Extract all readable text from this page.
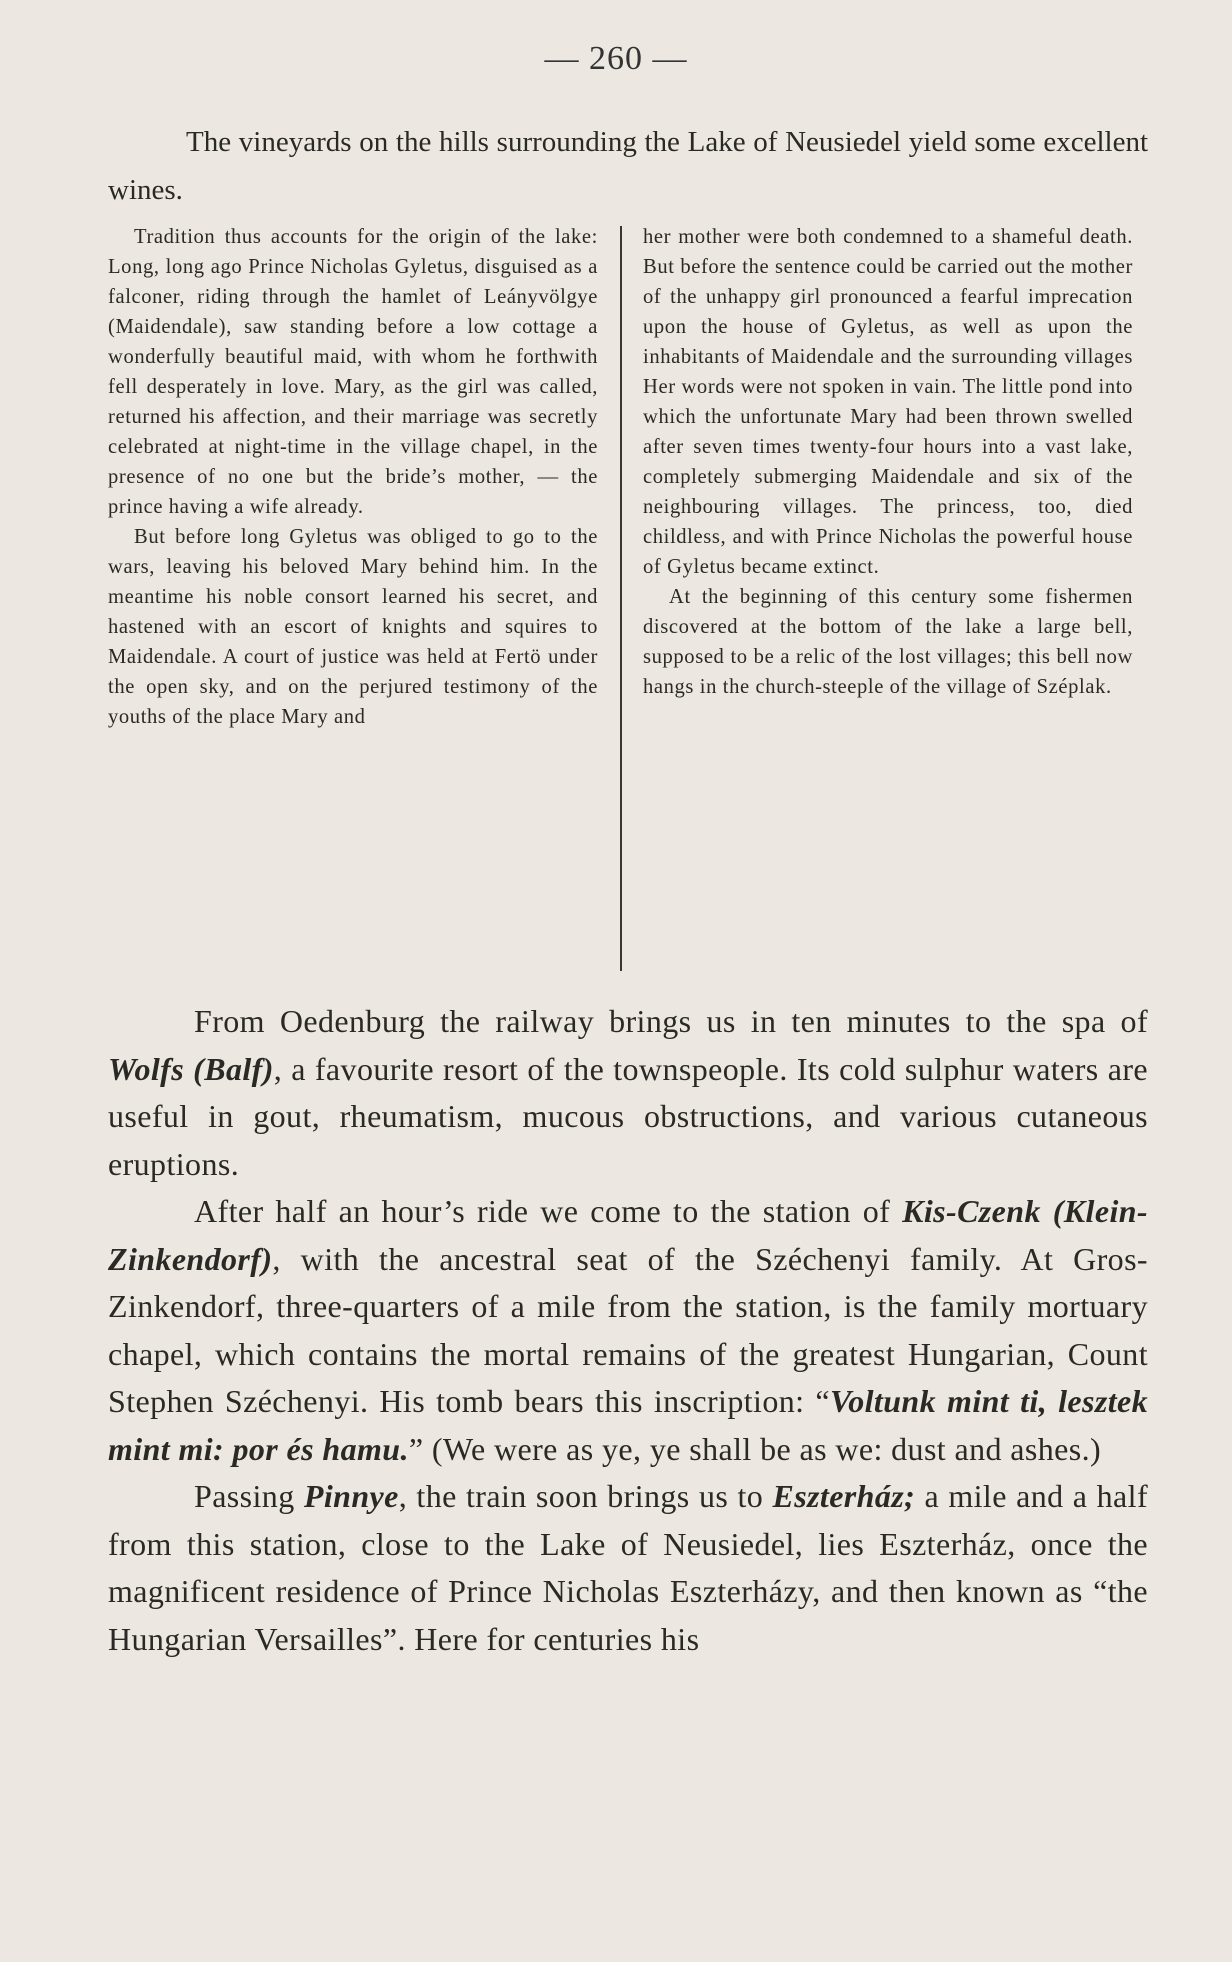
— 260 —

The vineyards on the hills surrounding the Lake of Neusiedel yield some excellent wines.

Tradition thus accounts for the origin of the lake: Long, long ago Prince Nicholas Gyletus, disguised as a falconer, riding through the hamlet of Leányvölgye (Maidendale), saw standing before a low cottage a wonderfully beautiful maid, with whom he forthwith fell desperately in love. Mary, as the girl was called, returned his affection, and their marriage was secretly celebrated at night-time in the village chapel, in the presence of no one but the bride’s mother, — the prince having a wife already.

But before long Gyletus was obliged to go to the wars, leaving his beloved Mary behind him. In the meantime his noble consort learned his secret, and hastened with an escort of knights and squires to Maidendale. A court of justice was held at Fertö under the open sky, and on the perjured testimony of the youths of the place Mary and

her mother were both condemned to a shameful death. But before the sentence could be carried out the mother of the unhappy girl pronounced a fearful imprecation upon the house of Gyletus, as well as upon the inhabitants of Maidendale and the surrounding villages Her words were not spoken in vain. The little pond into which the unfortunate Mary had been thrown swelled after seven times twenty-four hours into a vast lake, completely submerging Maidendale and six of the neighbouring villages. The princess, too, died childless, and with Prince Nicholas the powerful house of Gyletus became extinct.

At the beginning of this century some fishermen discovered at the bottom of the lake a large bell, supposed to be a relic of the lost villages; this bell now hangs in the church-steeple of the village of Széplak.

From Oedenburg the railway brings us in ten minutes to the spa of Wolfs (Balf), a favourite resort of the townspeople. Its cold sulphur waters are useful in gout, rheumatism, mucous obstructions, and various cutaneous eruptions.

After half an hour’s ride we come to the station of Kis-Czenk (Klein-Zinkendorf), with the ancestral seat of the Széchenyi family. At Gros-Zinkendorf, three-quarters of a mile from the station, is the family mortuary chapel, which contains the mortal remains of the greatest Hungarian, Count Stephen Széchenyi. His tomb bears this inscription: “Voltunk mint ti, lesztek mint mi: por és hamu.” (We were as ye, ye shall be as we: dust and ashes.)

Passing Pinnye, the train soon brings us to Eszterház; a mile and a half from this station, close to the Lake of Neusiedel, lies Eszterház, once the magnificent residence of Prince Nicholas Eszterházy, and then known as “the Hungarian Versailles”. Here for centuries his
